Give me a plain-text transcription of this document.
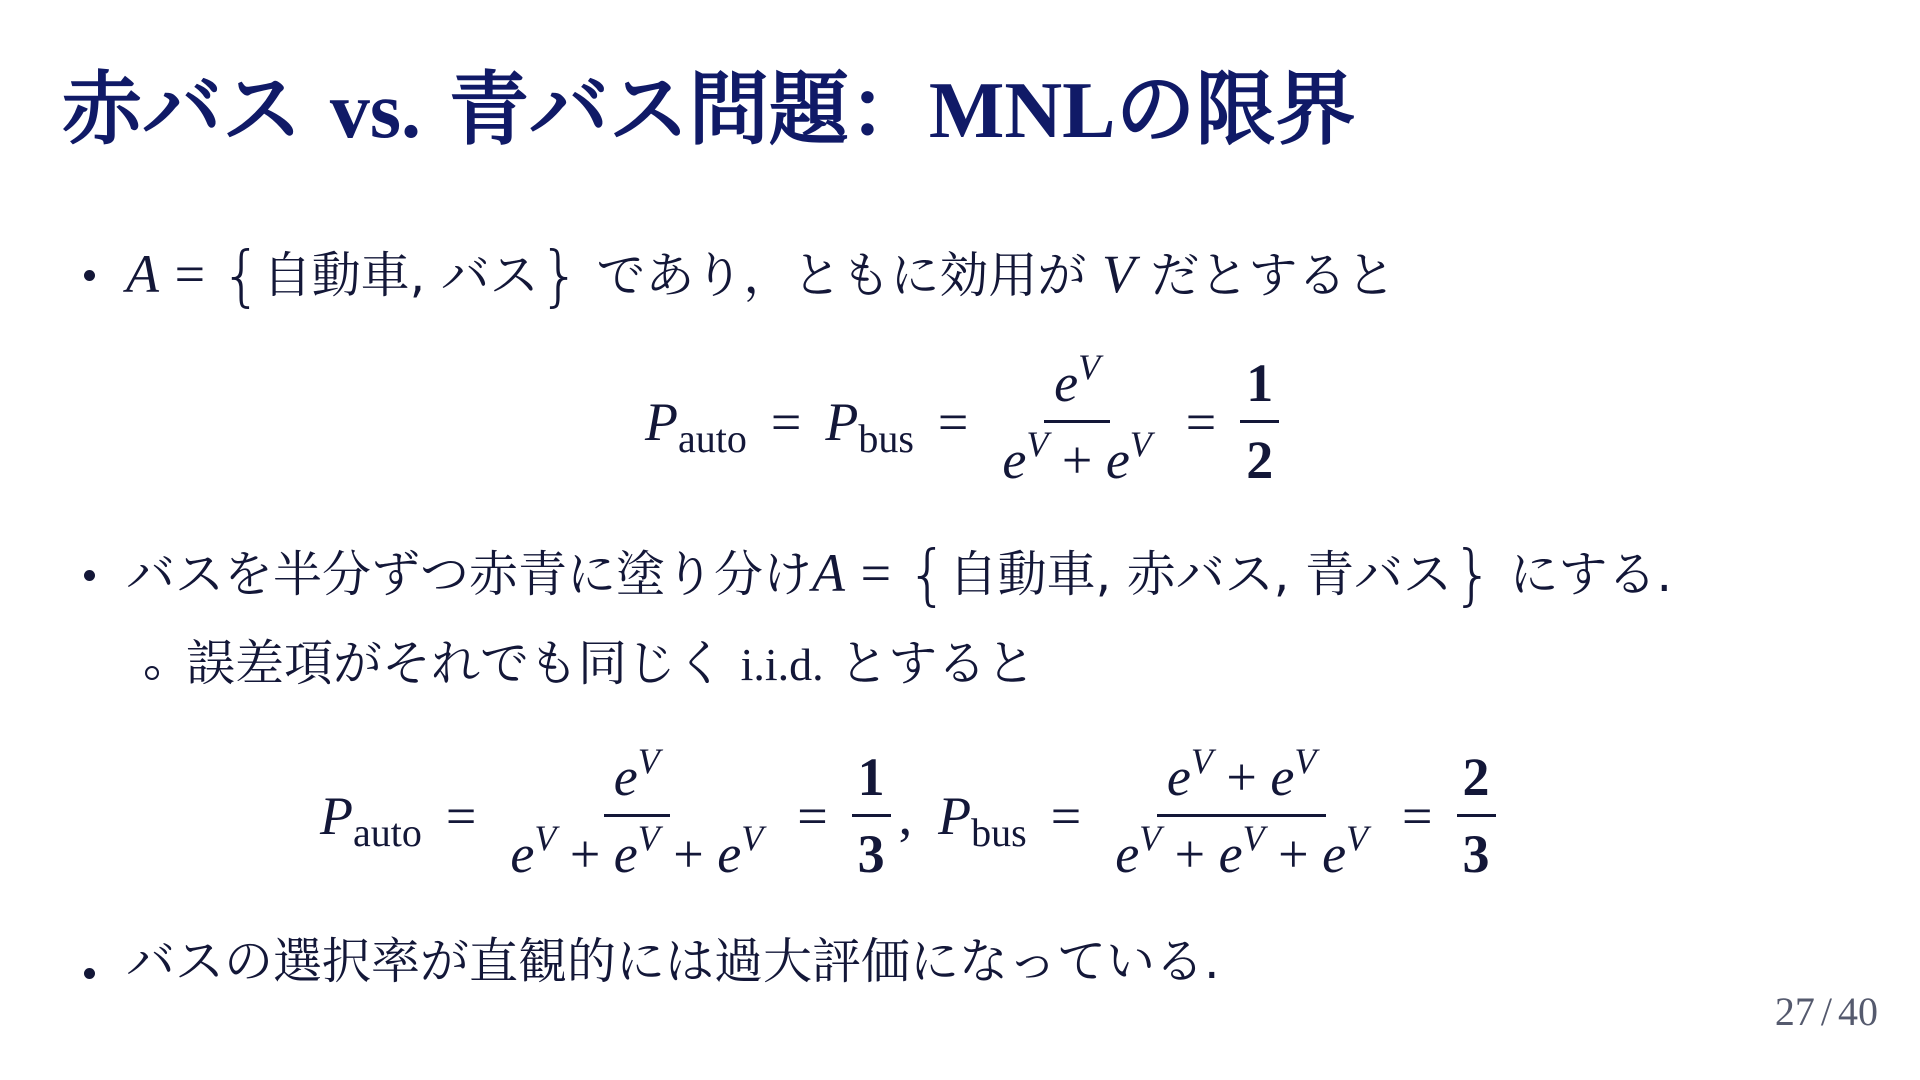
赤バス vs. 青バス問題：MNLの限界
A = {自動車, バス} であり，ともに効用が V だとすると
$P_{auto} = P_{bus} = \frac{e^V}{e^V + e^V} = \frac{1}{2}$
バスを半分ずつ赤青に塗り分けA = {自動車, 赤バス, 青バス} にする.
誤差項がそれでも同じく i.i.d. とすると
$P_{auto} = \frac{e^V}{e^V + e^V + e^V} = \frac{1}{3}$ , $P_{bus} = \frac{e^V + e^V}{e^V + e^V + e^V} = \frac{2}{3}$
バスの選択率が直観的には過大評価になっている.
27 / 40
